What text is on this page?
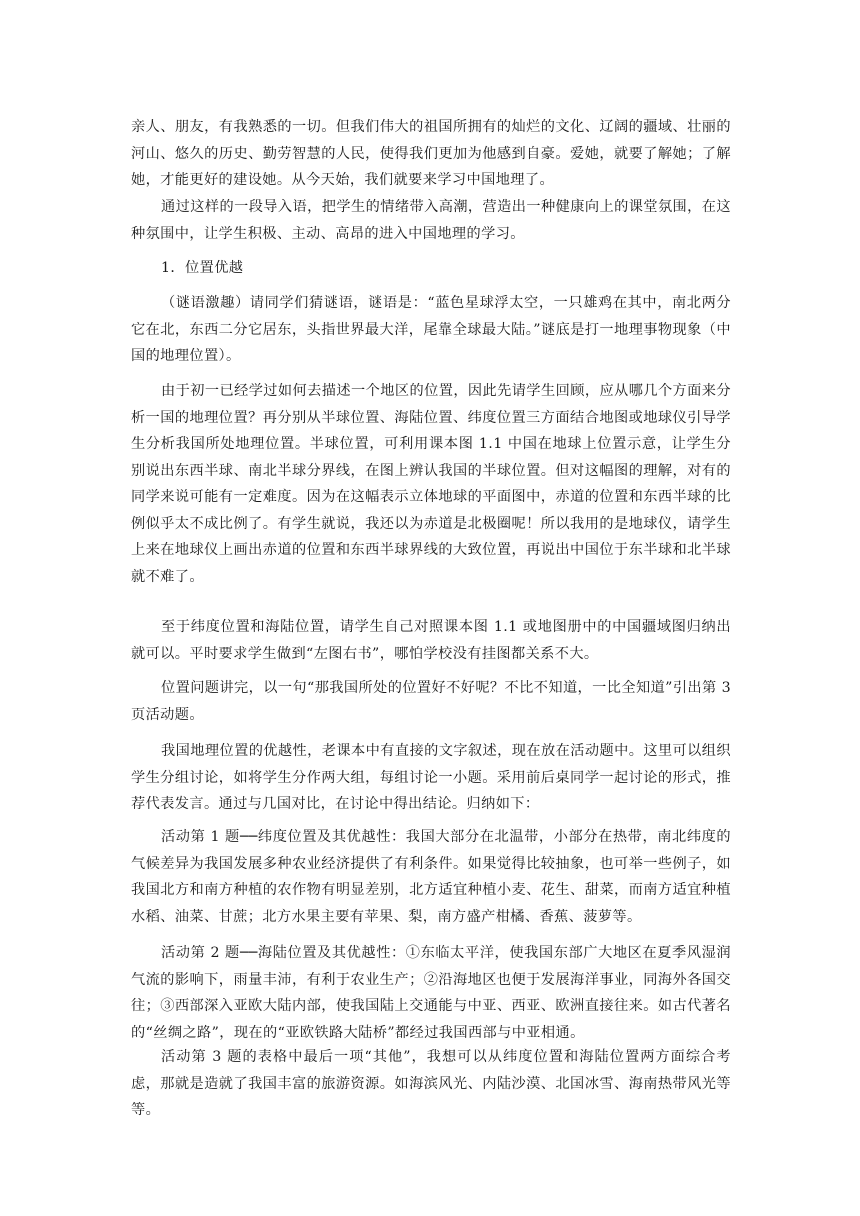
亲人、朋友，有我熟悉的一切。但我们伟大的祖国所拥有的灿烂的文化、辽阔的疆域、壮丽的河山、悠久的历史、勤劳智慧的人民，使得我们更加为他感到自豪。爱她，就要了解她；了解她，才能更好的建设她。从今天始，我们就要来学习中国地理了。

通过这样的一段导入语，把学生的情绪带入高潮，营造出一种健康向上的课堂氛围，在这种氛围中，让学生积极、主动、高昂的进入中国地理的学习。

1．位置优越

（谜语激趣）请同学们猜谜语，谜语是：“蓝色星球浮太空，一只雄鸡在其中，南北两分它在北，东西二分它居东，头指世界最大洋，尾靠全球最大陆。”谜底是打一地理事物现象（中国的地理位置）。

由于初一已经学过如何去描述一个地区的位置，因此先请学生回顾，应从哪几个方面来分析一国的地理位置？再分别从半球位置、海陆位置、纬度位置三方面结合地图或地球仪引导学生分析我国所处地理位置。半球位置，可利用课本图 1.1 中国在地球上位置示意，让学生分别说出东西半球、南北半球分界线，在图上辨认我国的半球位置。但对这幅图的理解，对有的同学来说可能有一定难度。因为在这幅表示立体地球的平面图中，赤道的位置和东西半球的比例似乎太不成比例了。有学生就说，我还以为赤道是北极圈呢！所以我用的是地球仪，请学生上来在地球仪上画出赤道的位置和东西半球界线的大致位置，再说出中国位于东半球和北半球就不难了。

至于纬度位置和海陆位置，请学生自己对照课本图 1.1 或地图册中的中国疆域图归纳出就可以。平时要求学生做到“左图右书”，哪怕学校没有挂图都关系不大。

位置问题讲完，以一句“那我国所处的位置好不好呢？不比不知道，一比全知道”引出第 3 页活动题。

我国地理位置的优越性，老课本中有直接的文字叙述，现在放在活动题中。这里可以组织学生分组讨论，如将学生分作两大组，每组讨论一小题。采用前后桌同学一起讨论的形式，推荐代表发言。通过与几国对比，在讨论中得出结论。归纳如下：

活动第 1 题──纬度位置及其优越性：我国大部分在北温带，小部分在热带，南北纬度的气候差异为我国发展多种农业经济提供了有利条件。如果觉得比较抽象，也可举一些例子，如我国北方和南方种植的农作物有明显差别，北方适宜种植小麦、花生、甜菜，而南方适宜种植水稻、油菜、甘蔗；北方水果主要有苹果、梨，南方盛产柑橘、香蕉、菠萝等。

活动第 2 题──海陆位置及其优越性：①东临太平洋，使我国东部广大地区在夏季风湿润气流的影响下，雨量丰沛，有利于农业生产；②沿海地区也便于发展海洋事业，同海外各国交往；③西部深入亚欧大陆内部，使我国陆上交通能与中亚、西亚、欧洲直接往来。如古代著名的“丝绸之路”，现在的“亚欧铁路大陆桥”都经过我国西部与中亚相通。

活动第 3 题的表格中最后一项“其他”，我想可以从纬度位置和海陆位置两方面综合考虑，那就是造就了我国丰富的旅游资源。如海滨风光、内陆沙漠、北国冰雪、海南热带风光等等。
